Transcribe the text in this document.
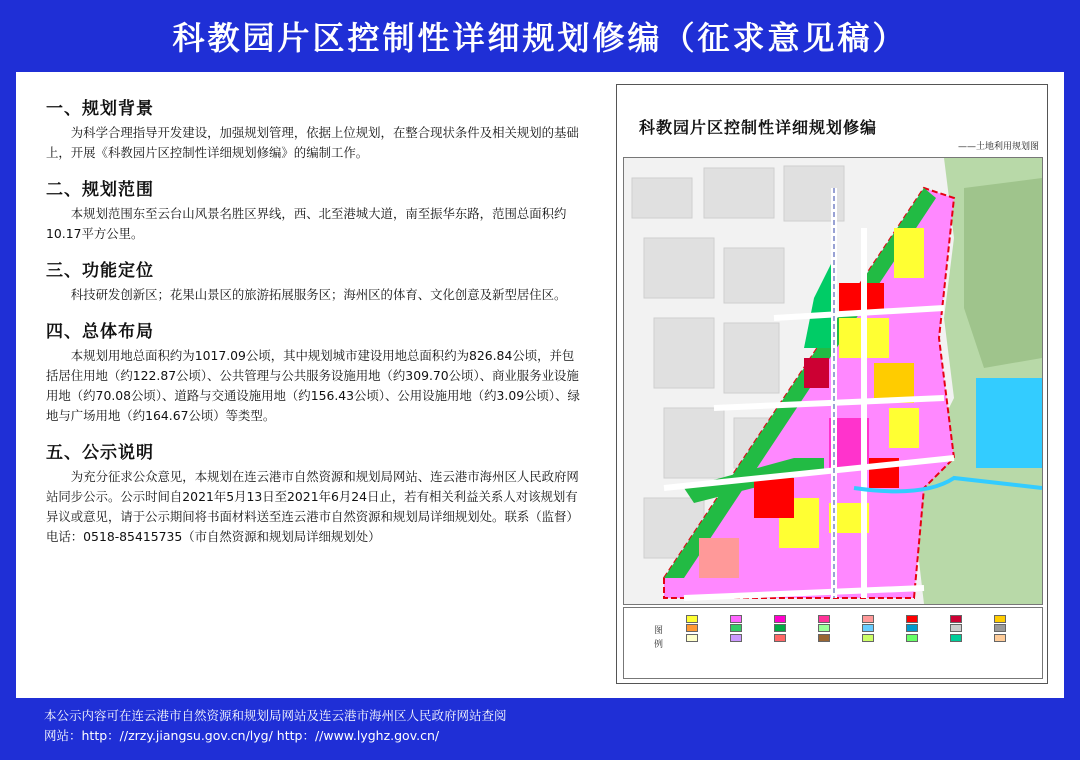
科教园片区控制性详细规划修编（征求意见稿）
一、规划背景

为科学合理指导开发建设，加强规划管理，依据上位规划，在整合现状条件及相关规划的基础上，开展《科教园片区控制性详细规划修编》的编制工作。

二、规划范围

本规划范围东至云台山风景名胜区界线，西、北至港城大道，南至振华东路，范围总面积约10.17平方公里。

三、功能定位

科技研发创新区；花果山景区的旅游拓展服务区；海州区的体育、文化创意及新型居住区。

四、总体布局

本规划用地总面积约为1017.09公顷，其中规划城市建设用地总面积约为826.84公顷，并包括居住用地（约122.87公顷）、公共管理与公共服务设施用地（约309.70公顷）、商业服务业设施用地（约70.08公顷）、道路与交通设施用地（约156.43公顷）、公用设施用地（约3.09公顷）、绿地与广场用地（约164.67公顷）等类型。

五、公示说明

为充分征求公众意见，本规划在连云港市自然资源和规划局网站、连云港市海州区人民政府网站同步公示。公示时间自2021年5月13日至2021年6月24日止，若有相关利益关系人对该规划有异议或意见，请于公示期间将书面材料送至连云港市自然资源和规划局详细规划处。联系（监督）电话：0518-85415735（市自然资源和规划局详细规划处）

科教园片区控制性详细规划修编
——土地利用规划图
图例
本公示内容可在连云港市自然资源和规划局网站及连云港市海州区人民政府网站查阅
网站：http：//zrzy.jiangsu.gov.cn/lyg/ http：//www.lyghz.gov.cn/
